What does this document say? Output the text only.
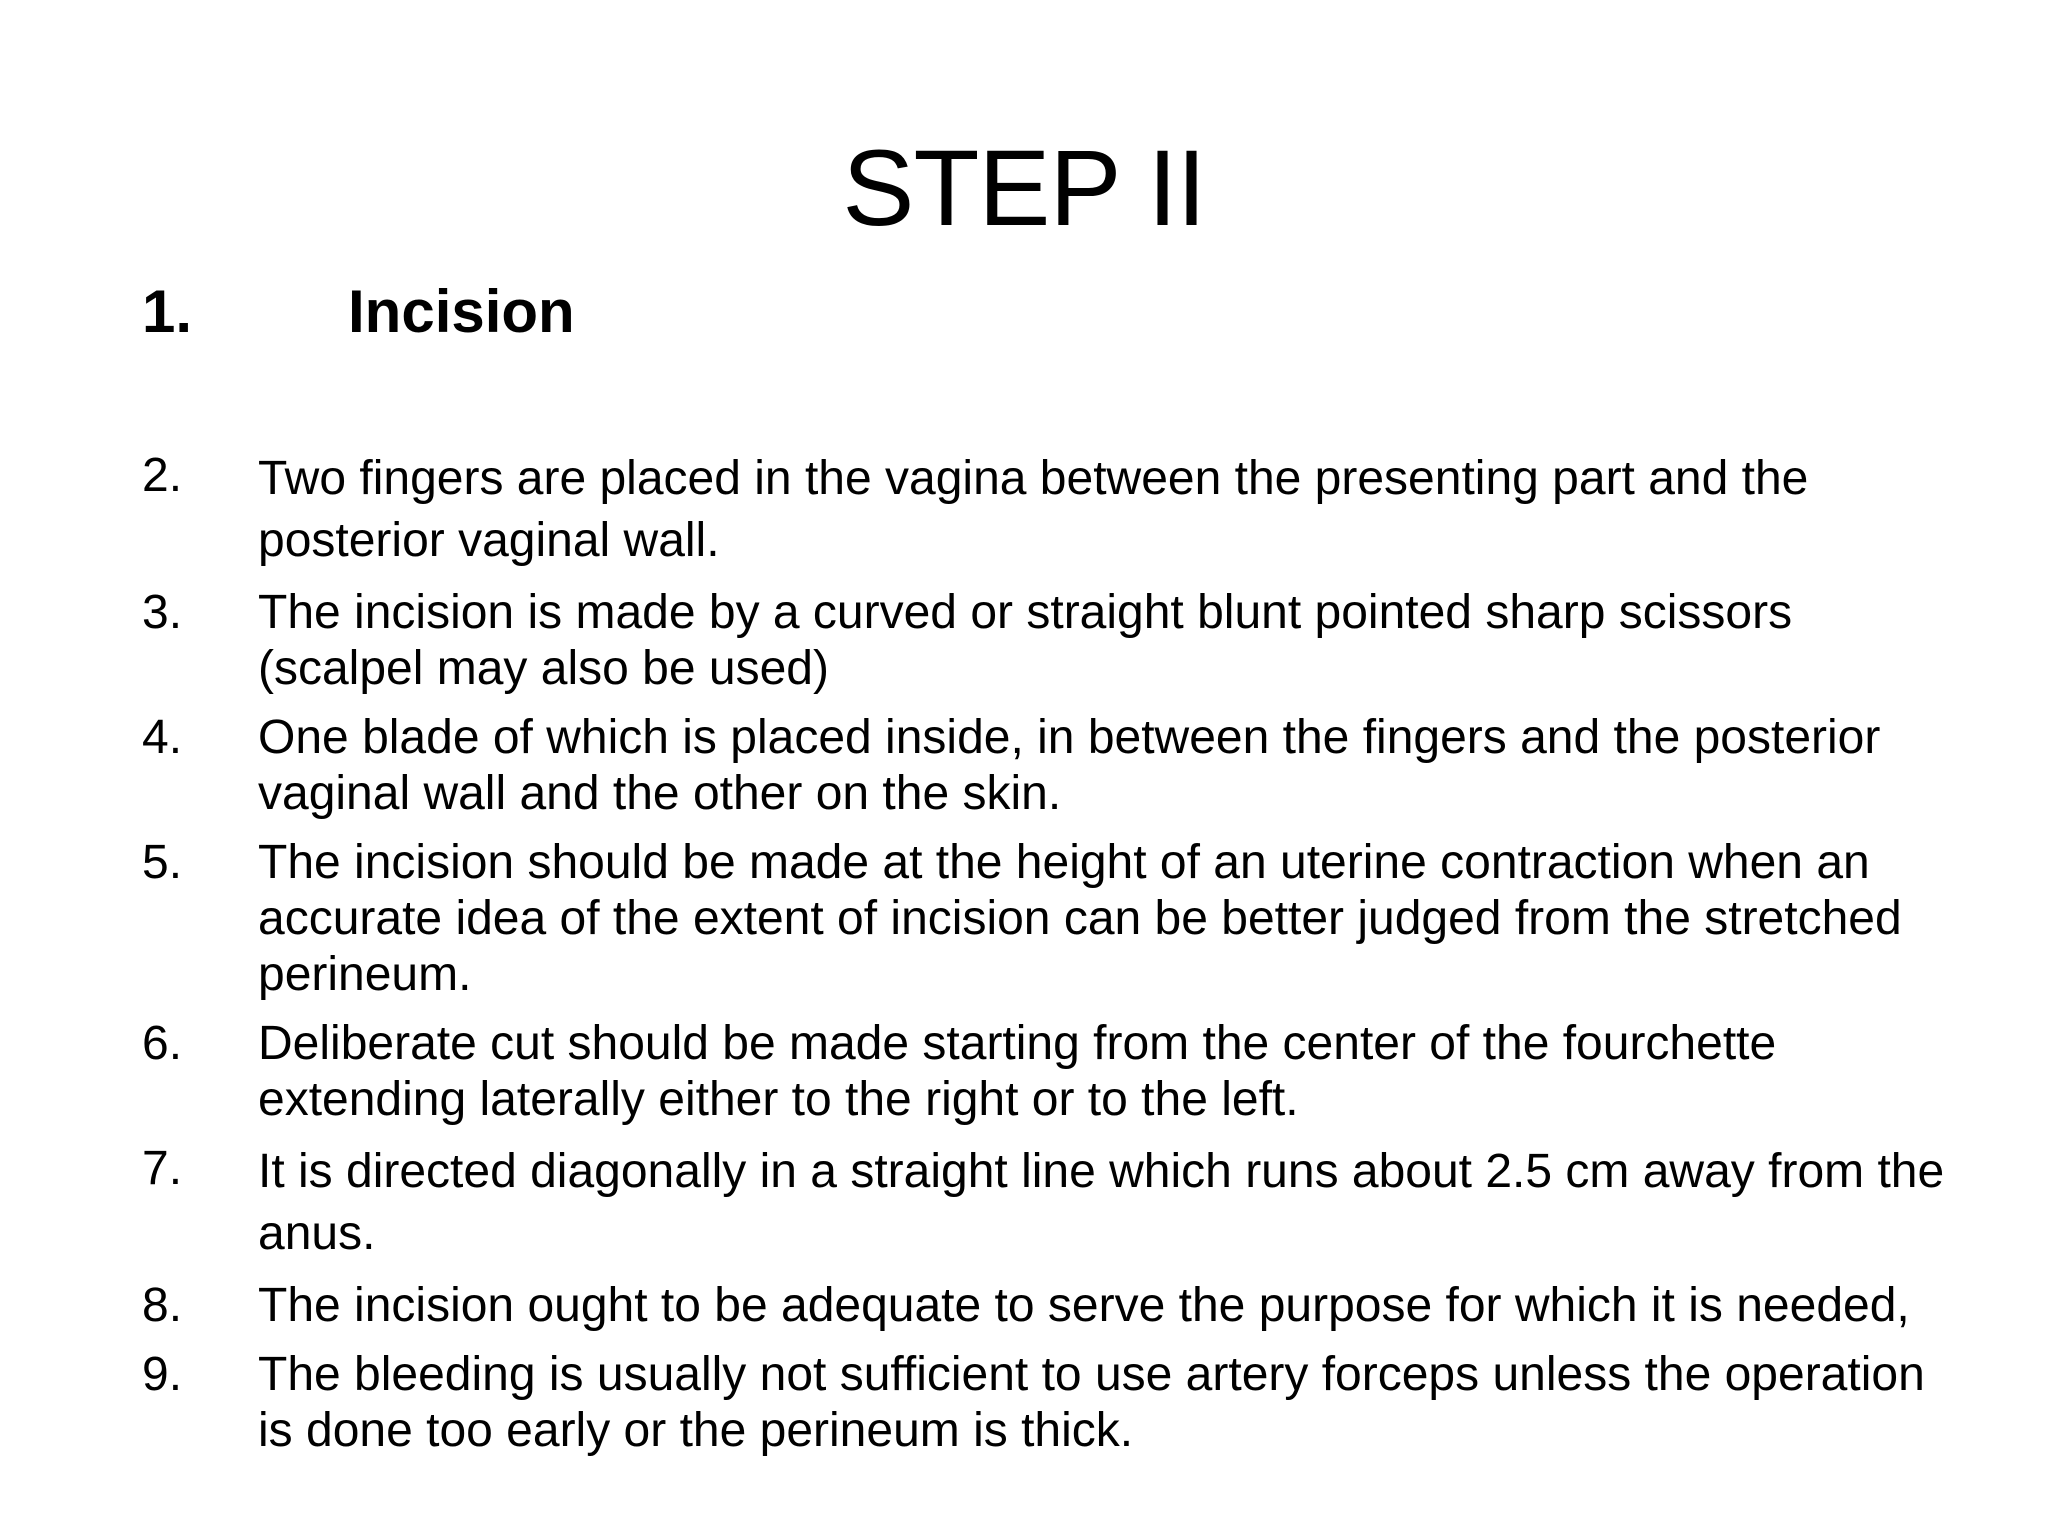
STEP II
1.	Incision
2.	Two fingers are placed in the vagina between the presenting part and the posterior vaginal wall.
3.	The incision is made by a curved or straight blunt pointed sharp scissors (scalpel may also be used)
4.	One blade of which is placed inside, in between the fingers and the posterior vaginal wall and the other on the skin.
5.	The incision should be made at the height of an uterine contraction when an accurate idea of the extent of incision can be better judged from the stretched perineum.
6.	Deliberate cut should be made starting from the center of the fourchette extending laterally either to the right or to the left.
7.	It is directed diagonally in a straight line which runs about 2.5 cm away from the anus.
8.	The incision ought to be adequate to serve the purpose for which it is needed,
9.	The bleeding is usually not sufficient to use artery forceps unless the operation is done too early or the perineum is thick.
